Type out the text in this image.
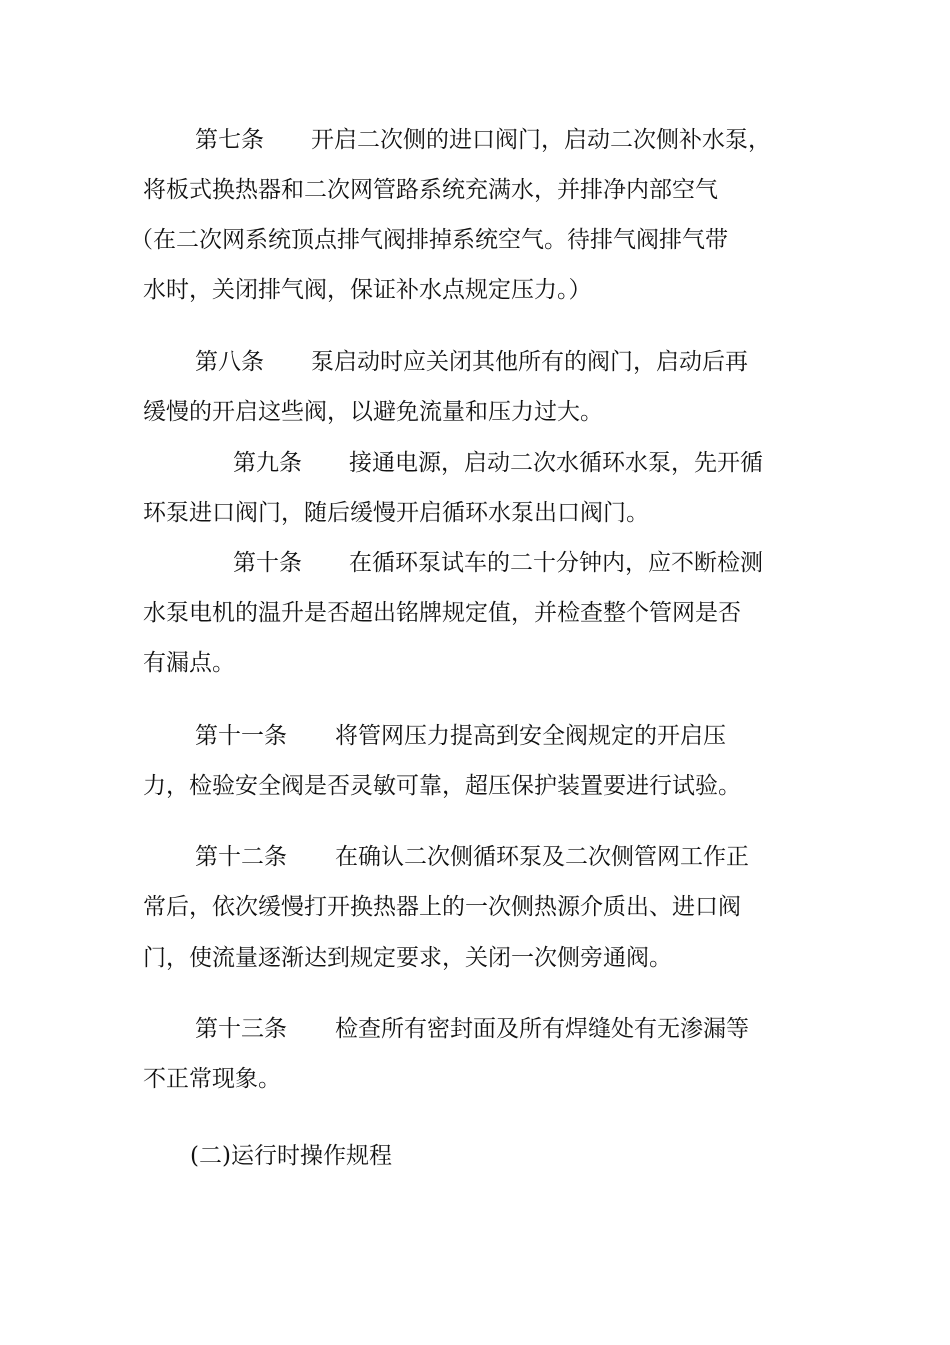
第七条 开启二次侧的进口阀门，启动二次侧补水泵，
将板式换热器和二次网管路系统充满水，并排净内部空气
（在二次网系统顶点排气阀排掉系统空气。待排气阀排气带
水时，关闭排气阀，保证补水点规定压力。）
第八条 泵启动时应关闭其他所有的阀门，启动后再
缓慢的开启这些阀，以避免流量和压力过大。
第九条 接通电源，启动二次水循环水泵，先开循
环泵进口阀门，随后缓慢开启循环水泵出口阀门。
第十条 在循环泵试车的二十分钟内，应不断检测
水泵电机的温升是否超出铭牌规定值，并检查整个管网是否
有漏点。
第十一条 将管网压力提高到安全阀规定的开启压
力，检验安全阀是否灵敏可靠，超压保护装置要进行试验。
第十二条 在确认二次侧循环泵及二次侧管网工作正
常后，依次缓慢打开换热器上的一次侧热源介质出、进口阀
门，使流量逐渐达到规定要求，关闭一次侧旁通阀。
第十三条 检查所有密封面及所有焊缝处有无渗漏等
不正常现象。
(二)运行时操作规程
